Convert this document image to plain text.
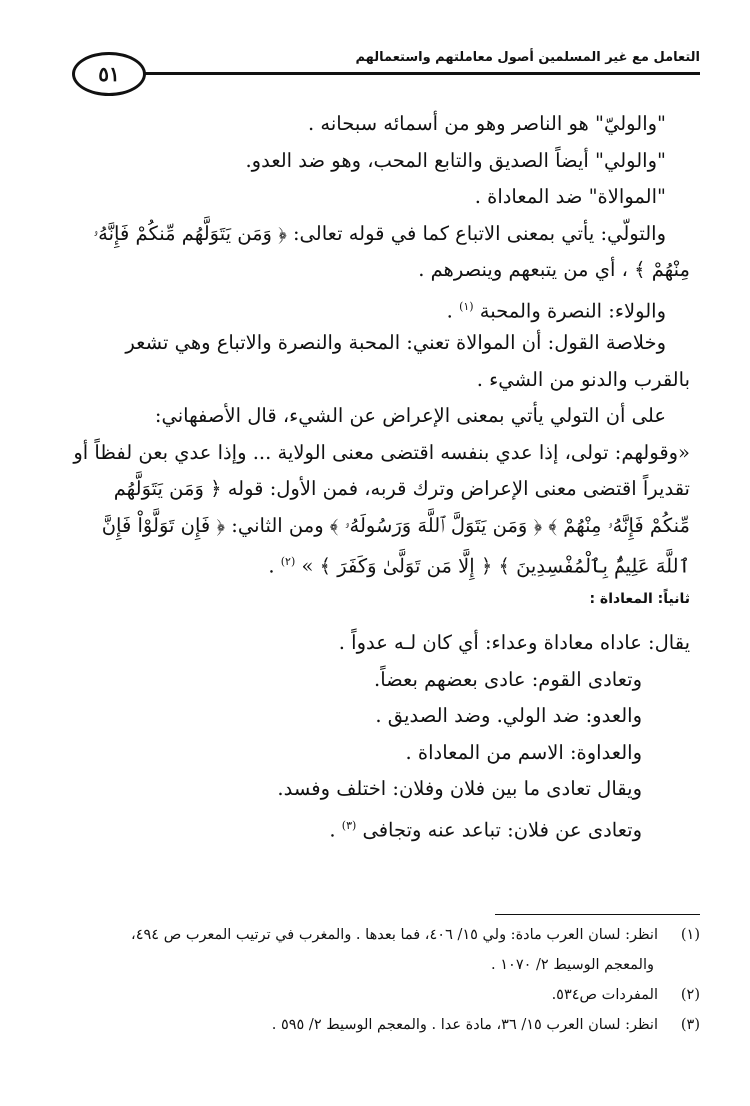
التعامل مع غير المسلمين أصول معاملتهم واستعمالهم
٥١
"والوليّ" هو الناصر وهو من أسمائه سبحانه .
"والولي" أيضاً الصديق والتابع المحب، وهو ضد العدو.
"الموالاة" ضد المعاداة .
والتولّي: يأتي بمعنى الاتباع كما في قوله تعالى: ﴿ وَمَن يَتَوَلَّهُم مِّنكُمْ فَإِنَّهُۥ
مِنْهُمْ ﴾ ، أي من يتبعهم وينصرهم .
والولاء: النصرة والمحبة $^{(١)}$ .
وخلاصة القول: أن الموالاة تعني: المحبة والنصرة والاتباع وهي تشعر
بالقرب والدنو من الشيء .
على أن التولي يأتي بمعنى الإعراض عن الشيء، قال الأصفهاني:
«وقولهم: تولى، إذا عدي بنفسه اقتضى معنى الولاية ... وإذا عدي بعن لفظاً أو
تقديراً اقتضى معنى الإعراض وترك قربه، فمن الأول: قوله ﴿ وَمَن يَتَوَلَّهُم
مِّنكُمْ فَإِنَّهُۥ مِنْهُمْ ﴾ ﴿ وَمَن يَتَوَلَّ ٱللَّهَ وَرَسُولَهُۥ ﴾ ومن الثاني: ﴿ فَإِن تَوَلَّوْاْ فَإِنَّ
ٱللَّهَ عَلِيمٌۢ بِٱلْمُفْسِدِينَ ﴾ ﴿ إِلَّا مَن تَوَلَّىٰ وَكَفَرَ ﴾ » $^{(٢)}$ .
ثانياً: المعاداة :
يقال: عاداه معاداة وعداء: أي كان لـه عدواً .
وتعادى القوم: عادى بعضهم بعضاً.
والعدو: ضد الولي. وضد الصديق .
والعداوة: الاسم من المعاداة .
ويقال تعادى ما بين فلان وفلان: اختلف وفسد.
وتعادى عن فلان: تباعد عنه وتجافى $^{(٣)}$ .
(١)انظر: لسان العرب مادة: ولي ١٥/ ٤٠٦، فما بعدها . والمغرب في ترتيب المعرب ص ٤٩٤،
والمعجم الوسيط ٢/ ١٠٧٠ .
(٢)المفردات ص٥٣٤.
(٣)انظر: لسان العرب ١٥/ ٣٦، مادة عدا . والمعجم الوسيط ٢/ ٥٩٥ .
